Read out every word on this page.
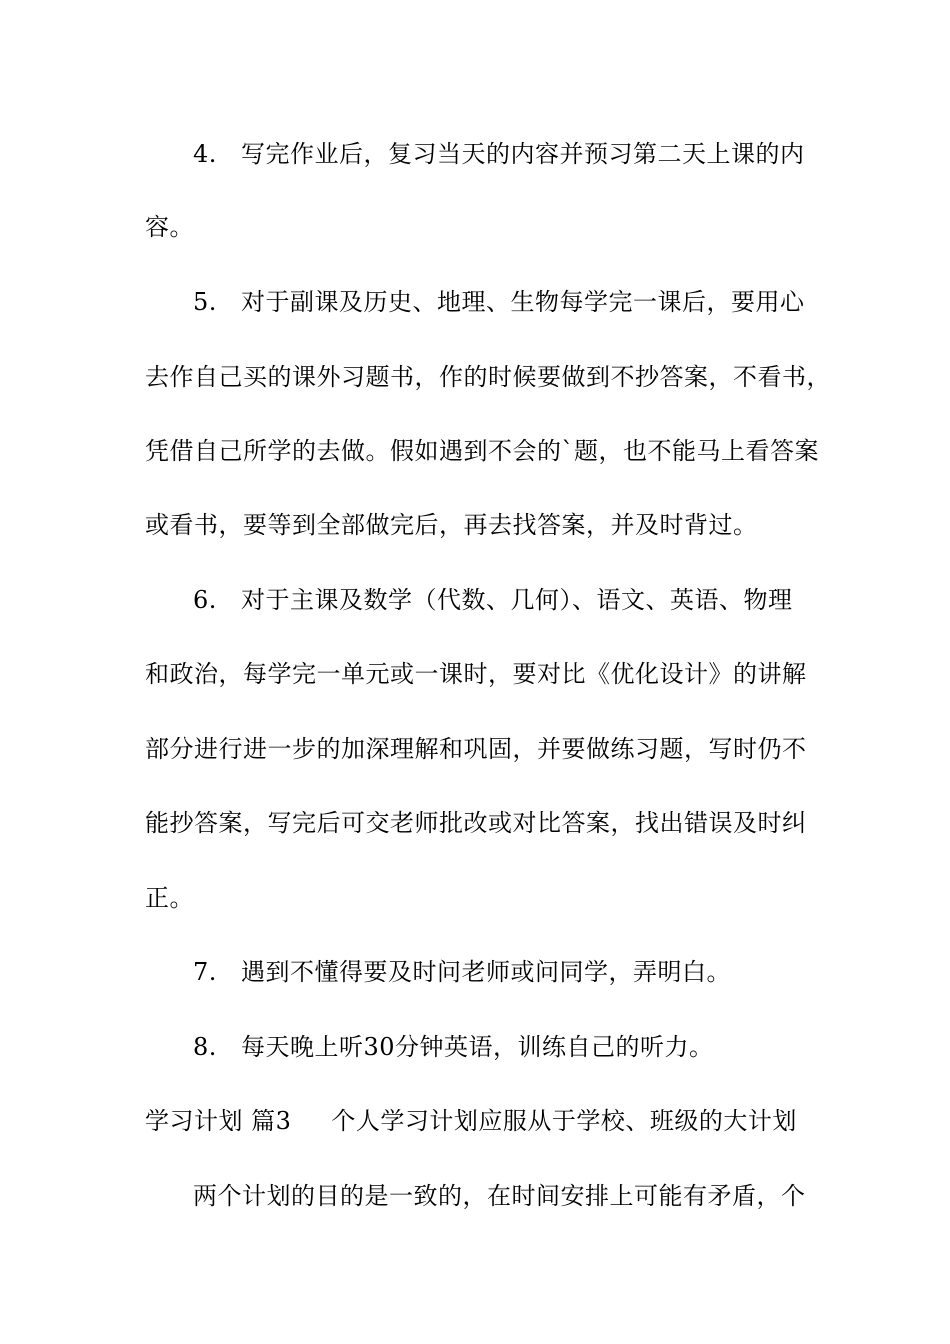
4. 写完作业后，复习当天的内容并预习第二天上课的内
容。
5. 对于副课及历史、地理、生物每学完一课后，要用心
去作自己买的课外习题书，作的时候要做到不抄答案，不看书，
凭借自己所学的去做。假如遇到不会的`题，也不能马上看答案
或看书，要等到全部做完后，再去找答案，并及时背过。
6. 对于主课及数学（代数、几何）、语文、英语、物理
和政治，每学完一单元或一课时，要对比《优化设计》的讲解
部分进行进一步的加深理解和巩固，并要做练习题，写时仍不
能抄答案，写完后可交老师批改或对比答案，找出错误及时纠
正。
7. 遇到不懂得要及时问老师或问同学，弄明白。
8. 每天晚上听30分钟英语，训练自己的听力。
学习计划 篇3 个人学习计划应服从于学校、班级的大计划
两个计划的目的是一致的，在时间安排上可能有矛盾，个
